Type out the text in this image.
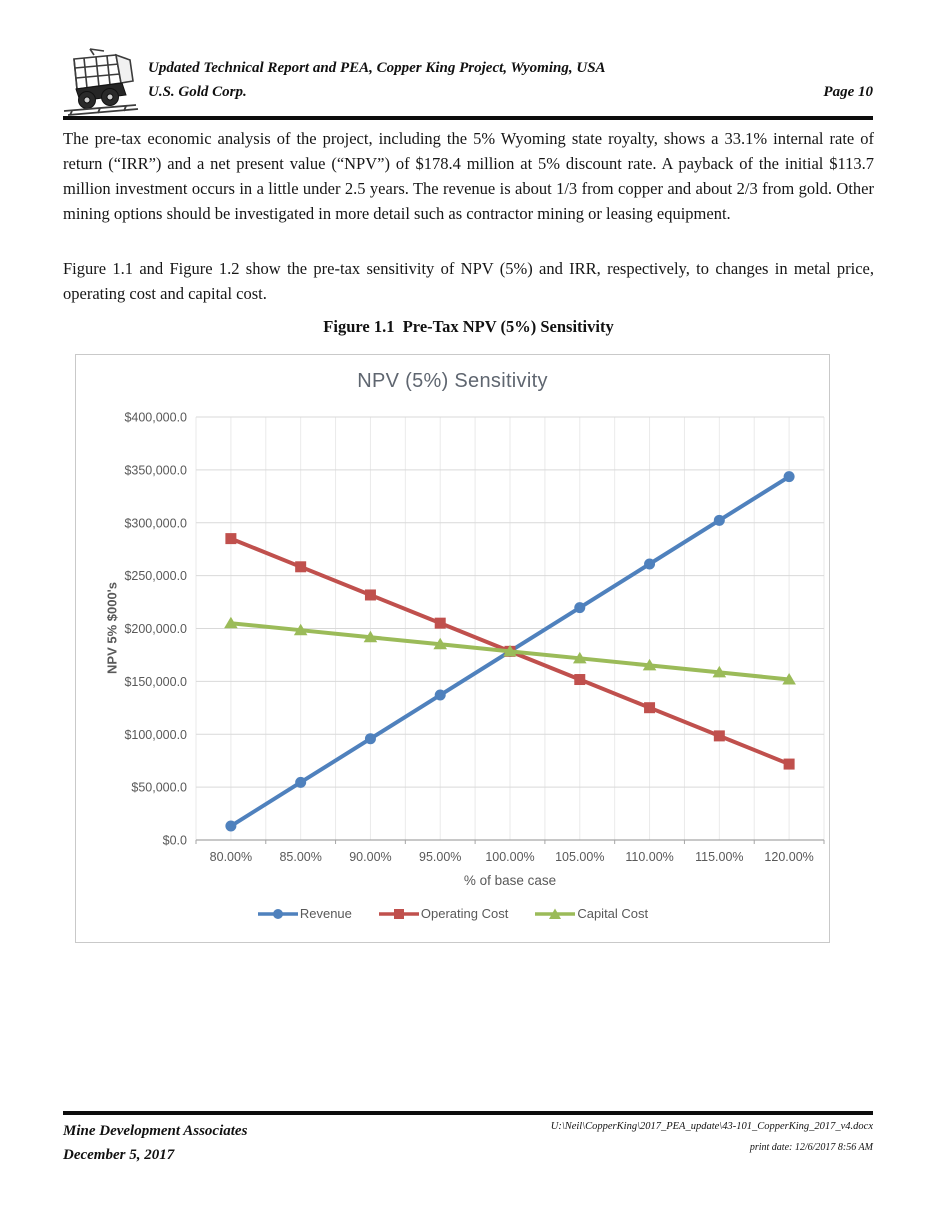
Updated Technical Report and PEA, Copper King Project, Wyoming, USA
U.S. Gold Corp.	Page 10

The pre-tax economic analysis of the project, including the 5% Wyoming state royalty, shows a 33.1% internal rate of return (“IRR”) and a net present value (“NPV”) of $178.4 million at 5% discount rate. A payback of the initial $113.7 million investment occurs in a little under 2.5 years. The revenue is about 1/3 from copper and about 2/3 from gold. Other mining options should be investigated in more detail such as contractor mining or leasing equipment.

Figure 1.1 and Figure 1.2 show the pre-tax sensitivity of NPV (5%) and IRR, respectively, to changes in metal price, operating cost and capital cost.

Figure 1.1  Pre-Tax NPV (5%) Sensitivity
NPV (5%) Sensitivity
NPV 5% $000's
$0.0
$50,000.0
$100,000.0
$150,000.0
$200,000.0
$250,000.0
$300,000.0
$350,000.0
$400,000.0
80.00% 85.00% 90.00% 95.00% 100.00% 105.00% 110.00% 115.00% 120.00%
% of base case
Revenue	Operating Cost	Capital Cost
Mine Development Associates
December 5, 2017
U:\Neil\CopperKing\2017_PEA_update\43-101_CopperKing_2017_v4.docx
print date: 12/6/2017 8:56 AM
